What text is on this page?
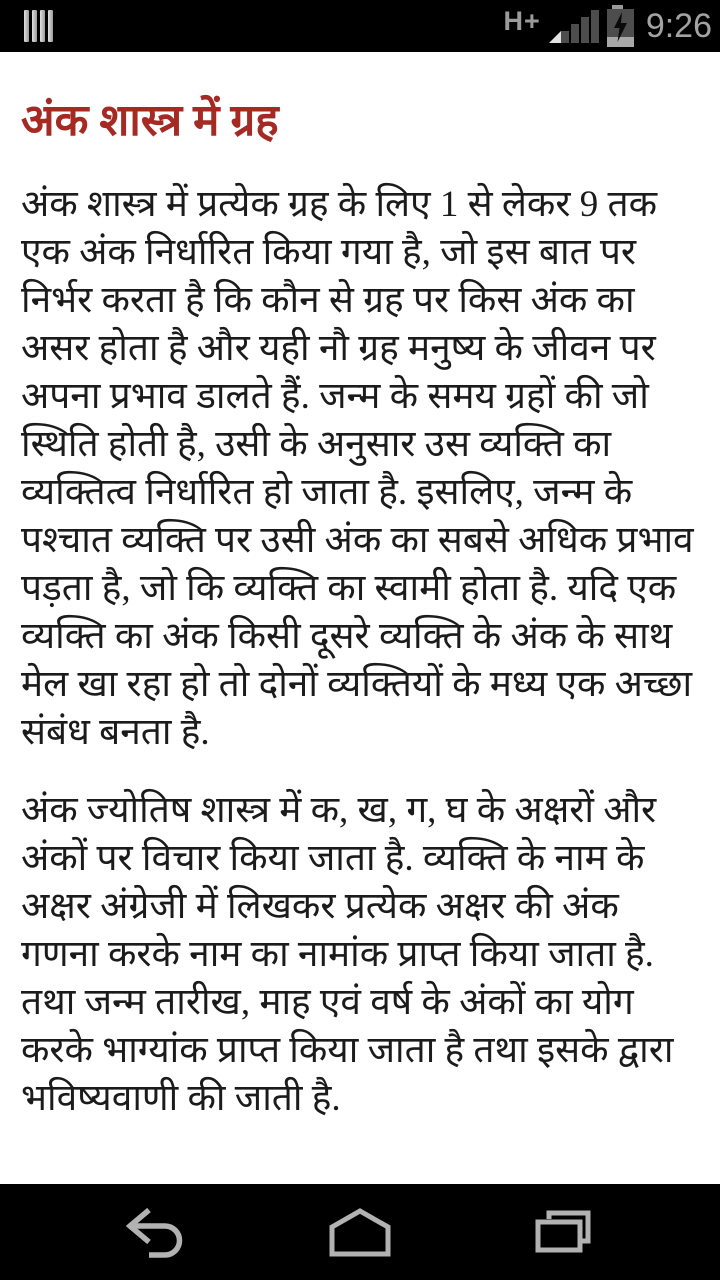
H+	9:26
अंक शास्त्र में ग्रह

अंक शास्त्र में प्रत्येक ग्रह के लिए 1 से लेकर 9 तक एक अंक निर्धारित किया गया है, जो इस बात पर निर्भर करता है कि कौन से ग्रह पर किस अंक का असर होता है और यही नौ ग्रह मनुष्य के जीवन पर अपना प्रभाव डालते हैं. जन्म के समय ग्रहों की जो स्थिति होती है, उसी के अनुसार उस व्यक्ति का व्यक्तित्व निर्धारित हो जाता है. इसलिए, जन्म के पश्चात व्यक्ति पर उसी अंक का सबसे अधिक प्रभाव पड़ता है, जो कि व्यक्ति का स्वामी होता है. यदि एक व्यक्ति का अंक किसी दूसरे व्यक्ति के अंक के साथ मेल खा रहा हो तो दोनों व्यक्तियों के मध्य एक अच्छा संबंध बनता है.

अंक ज्योतिष शास्त्र में क, ख, ग, घ के अक्षरों और अंकों पर विचार किया जाता है. व्यक्ति के नाम के अक्षर अंग्रेजी में लिखकर प्रत्येक अक्षर की अंक गणना करके नाम का नामांक प्राप्त किया जाता है. तथा जन्म तारीख, माह एवं वर्ष के अंकों का योग करके भाग्यांक प्राप्त किया जाता है तथा इसके द्वारा भविष्यवाणी की जाती है.
